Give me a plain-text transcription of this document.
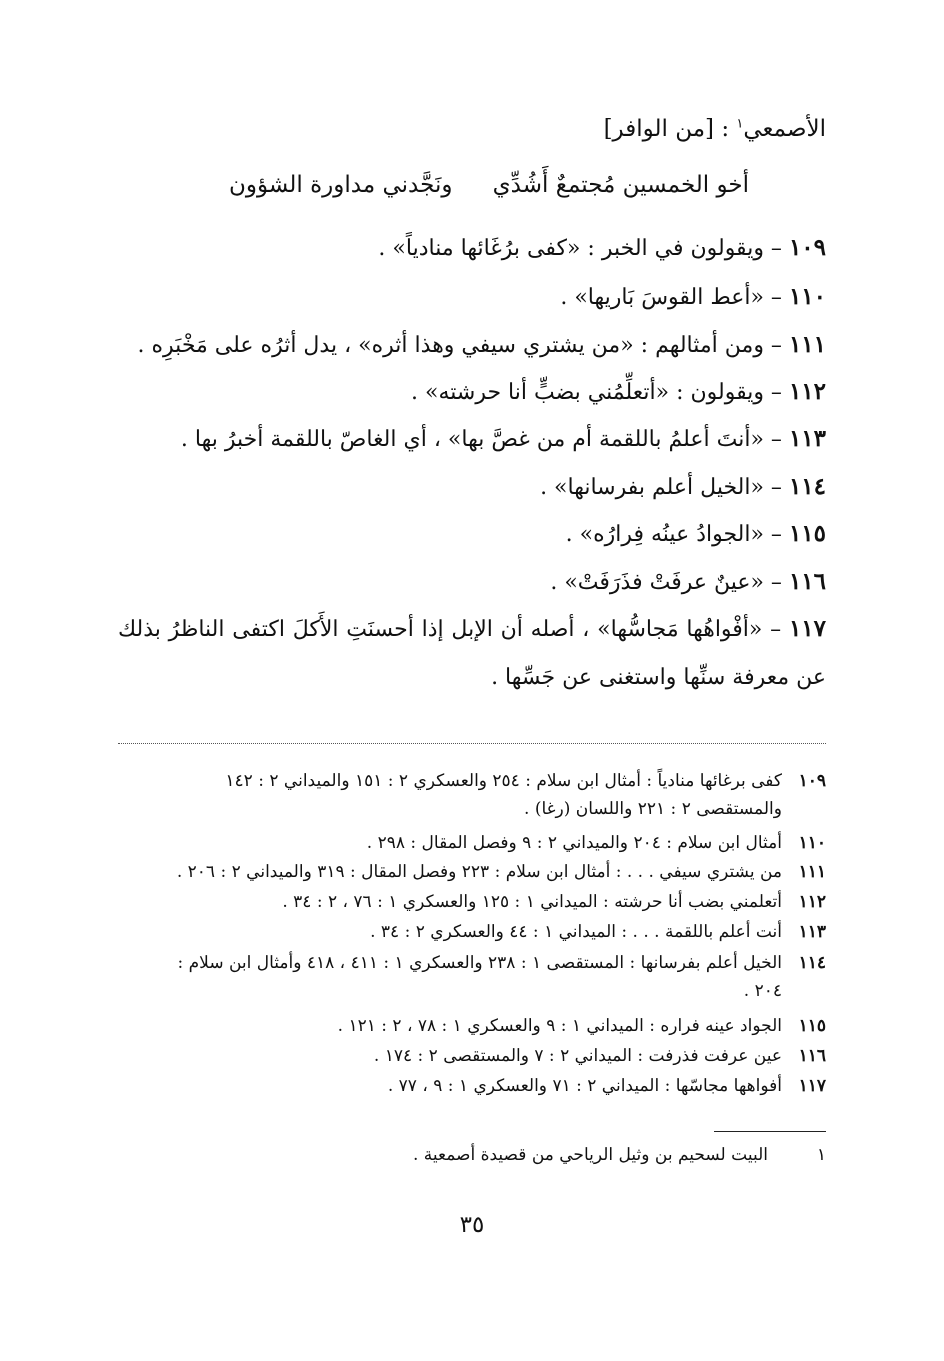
الأصمعي$^١$ : [من الوافر]
أخو الخمسين مُجتمعٌ أَشُدِّي
ونَجَّدني مداورة الشؤون
١٠٩ – ويقولون في الخبر : «كفى برُغَائها منادياً» .
١١٠ – «أعط القوسَ بَاريها» .
١١١ – ومن أمثالهم : «من يشتري سيفي وهذا أثره» ، يدل أثرُه على مَخْبَرِه .
١١٢ – ويقولون : «أتعلِّمُني بضبٍّ أنا حرشته» .
١١٣ – «أنتَ أعلمُ باللقمة أم من غصَّ بها» ، أي الغاصّ باللقمة أخبرُ بها .
١١٤ – «الخيل أعلم بفرسانها» .
١١٥ – «الجوادُ عينُه فِرارُه» .
١١٦ – «عينٌ عرفَتْ فذَرَفَتْ» .
١١٧ – «أفْواهُها مَجاسُّها» ، أصله أن الإبل إذا أحسنَتِ الأَكلَ اكتفى الناظرُ بذلك عن معرفة سنِّها واستغنى عن جَسِّها .
١٠٩كفى برغائها منادياً : أمثال ابن سلام : ٢٥٤ والعسكري ٢ : ١٥١ والميداني ٢ : ١٤٢
والمستقصى ٢ : ٢٢١ واللسان (رغا) .
١١٠أمثال ابن سلام : ٢٠٤ والميداني ٢ : ٩ وفصل المقال : ٢٩٨ .
١١١من يشتري سيفي . . . : أمثال ابن سلام : ٢٢٣ وفصل المقال : ٣١٩ والميداني ٢ : ٢٠٦ .
١١٢أتعلمني بضب أنا حرشته : الميداني ١ : ١٢٥ والعسكري ١ : ٧٦ ، ٢ : ٣٤ .
١١٣أنت أعلم باللقمة . . . : الميداني ١ : ٤٤ والعسكري ٢ : ٣٤ .
١١٤الخيل أعلم بفرسانها : المستقصى ١ : ٢٣٨ والعسكري ١ : ٤١١ ، ٤١٨ وأمثال ابن سلام :
٢٠٤ .
١١٥الجواد عينه فراره : الميداني ١ : ٩ والعسكري ١ : ٧٨ ، ٢ : ١٢١ .
١١٦عين عرفت فذرفت : الميداني ٢ : ٧ والمستقصى ٢ : ١٧٤ .
١١٧أفواهها مجاسّها : الميداني ٢ : ٧١ والعسكري ١ : ٩ ، ٧٧ .
١البيت لسحيم بن وثيل الرياحي من قصيدة أصمعية .
٣٥
